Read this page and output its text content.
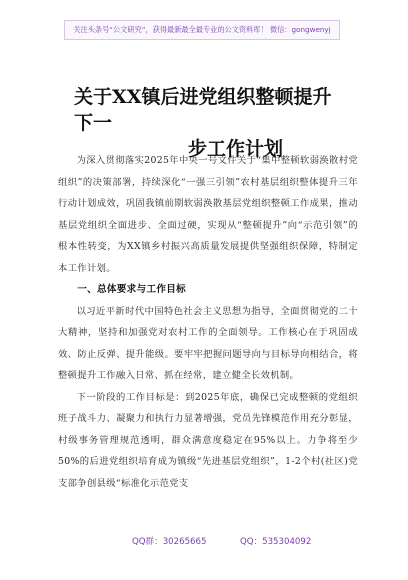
关注头条号“公文研究”，获得最新最全最专业的公文资料库！ 微信：gongwenyj
关于XX镇后进党组织整顿提升下一
步工作计划

为深入贯彻落实2025年中央一号文件关于“集中整顿软弱涣散村党组织”的决策部署，持续深化“一强三引领”农村基层组织整体提升三年行动计划成效，巩固我镇前期软弱涣散基层党组织整顿工作成果，推动基层党组织全面进步、全面过硬，实现从“整顿提升”向“示范引领”的根本性转变，为XX镇乡村振兴高质量发展提供坚强组织保障，特制定本工作计划。

一、总体要求与工作目标

以习近平新时代中国特色社会主义思想为指导，全面贯彻党的二十大精神，坚持和加强党对农村工作的全面领导。工作核心在于巩固成效、防止反弹、提升能级。要牢牢把握问题导向与目标导向相结合，将整顿提升工作融入日常、抓在经常，建立健全长效机制。

下一阶段的工作目标是：到2025年底，确保已完成整顿的党组织班子战斗力、凝聚力和执行力显著增强，党员先锋模范作用充分彰显，村级事务管理规范透明，群众满意度稳定在95%以上。力争将至少50%的后进党组织培育成为镇级“先进基层党组织”，1-2个村(社区)党支部争创县级“标准化示范党支

QQ群：30265665	QQ：535304092
